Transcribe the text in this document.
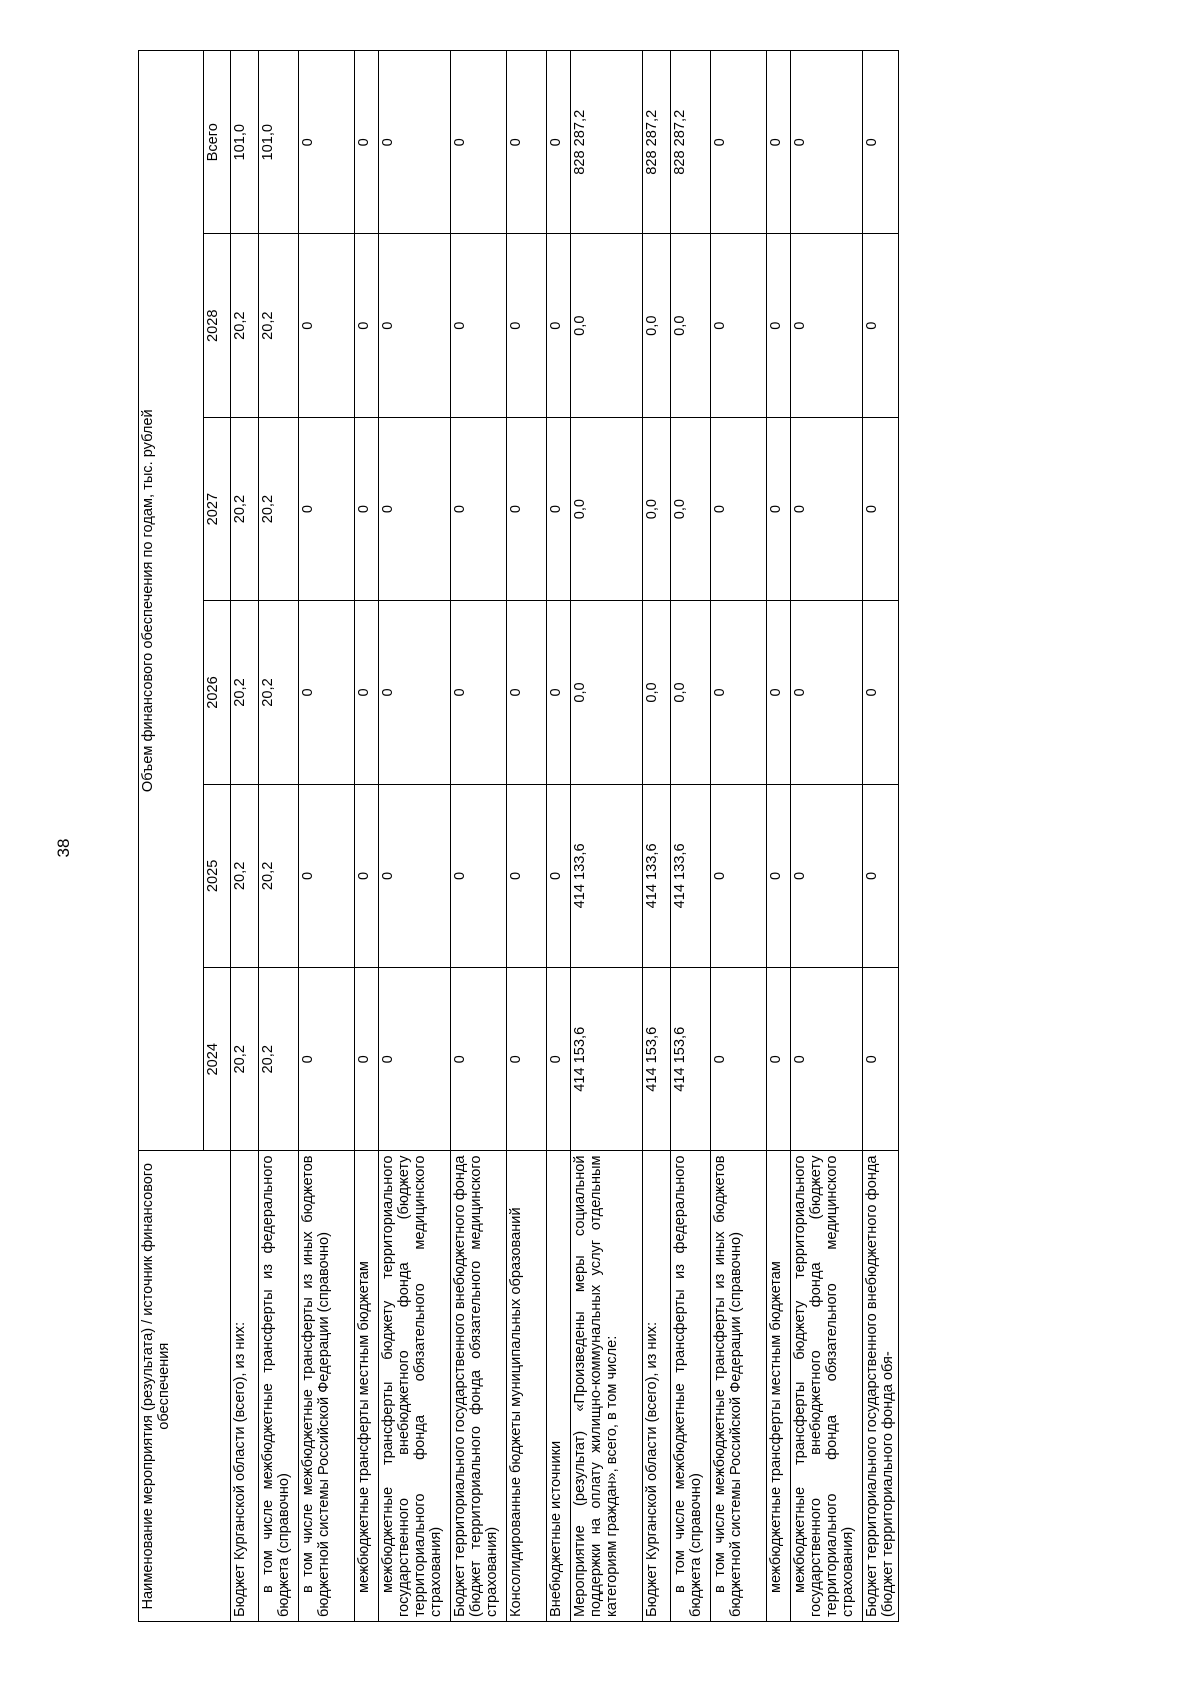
38
Наименование мероприятия (результата) / источник финансового обеспечения	Объем финансового обеспечения по годам, тыс. рублей					
	2024	2025	2026	2027	2028	Всего
Бюджет Курганской области (всего), из них:	20,2	20,2	20,2	20,2	20,2	101,0
в том числе межбюджетные трансферты из федерального бюджета (справочно)	20,2	20,2	20,2	20,2	20,2	101,0
в том числе межбюджетные трансферты из иных бюджетов бюджетной системы Российской Федерации (справочно)	0	0	0	0	0	0
межбюджетные трансферты местным бюджетам	0	0	0	0	0	0
межбюджетные трансферты бюджету территориального государственного внебюджетного фонда (бюджету территориального фонда обязательного медицинского страхования)	0	0	0	0	0	0
Бюджет территориального государственного внебюджетного фонда (бюджет территориального фонда обязательного медицинского страхования)	0	0	0	0	0	0
Консолидированные бюджеты муниципальных образований	0	0	0	0	0	0
Внебюджетные источники	0	0	0	0	0	0
Мероприятие (результат) «Произведены меры социальной поддержки на оплату жилищно-коммунальных услуг отдельным категориям граждан», всего, в том числе:	414 153,6	414 133,6	0,0	0,0	0,0	828 287,2
Бюджет Курганской области (всего), из них:	414 153,6	414 133,6	0,0	0,0	0,0	828 287,2
в том числе межбюджетные трансферты из федерального бюджета (справочно)	414 153,6	414 133,6	0,0	0,0	0,0	828 287,2
в том числе межбюджетные трансферты из иных бюджетов бюджетной системы Российской Федерации (справочно)	0	0	0	0	0	0
межбюджетные трансферты местным бюджетам	0	0	0	0	0	0
межбюджетные трансферты бюджету территориального государственного внебюджетного фонда (бюджету территориального фонда обязательного медицинского страхования)	0	0	0	0	0	0
Бюджет территориального государственного внебюджетного фонда (бюджет территориального фонда обя-	0	0	0	0	0	0
